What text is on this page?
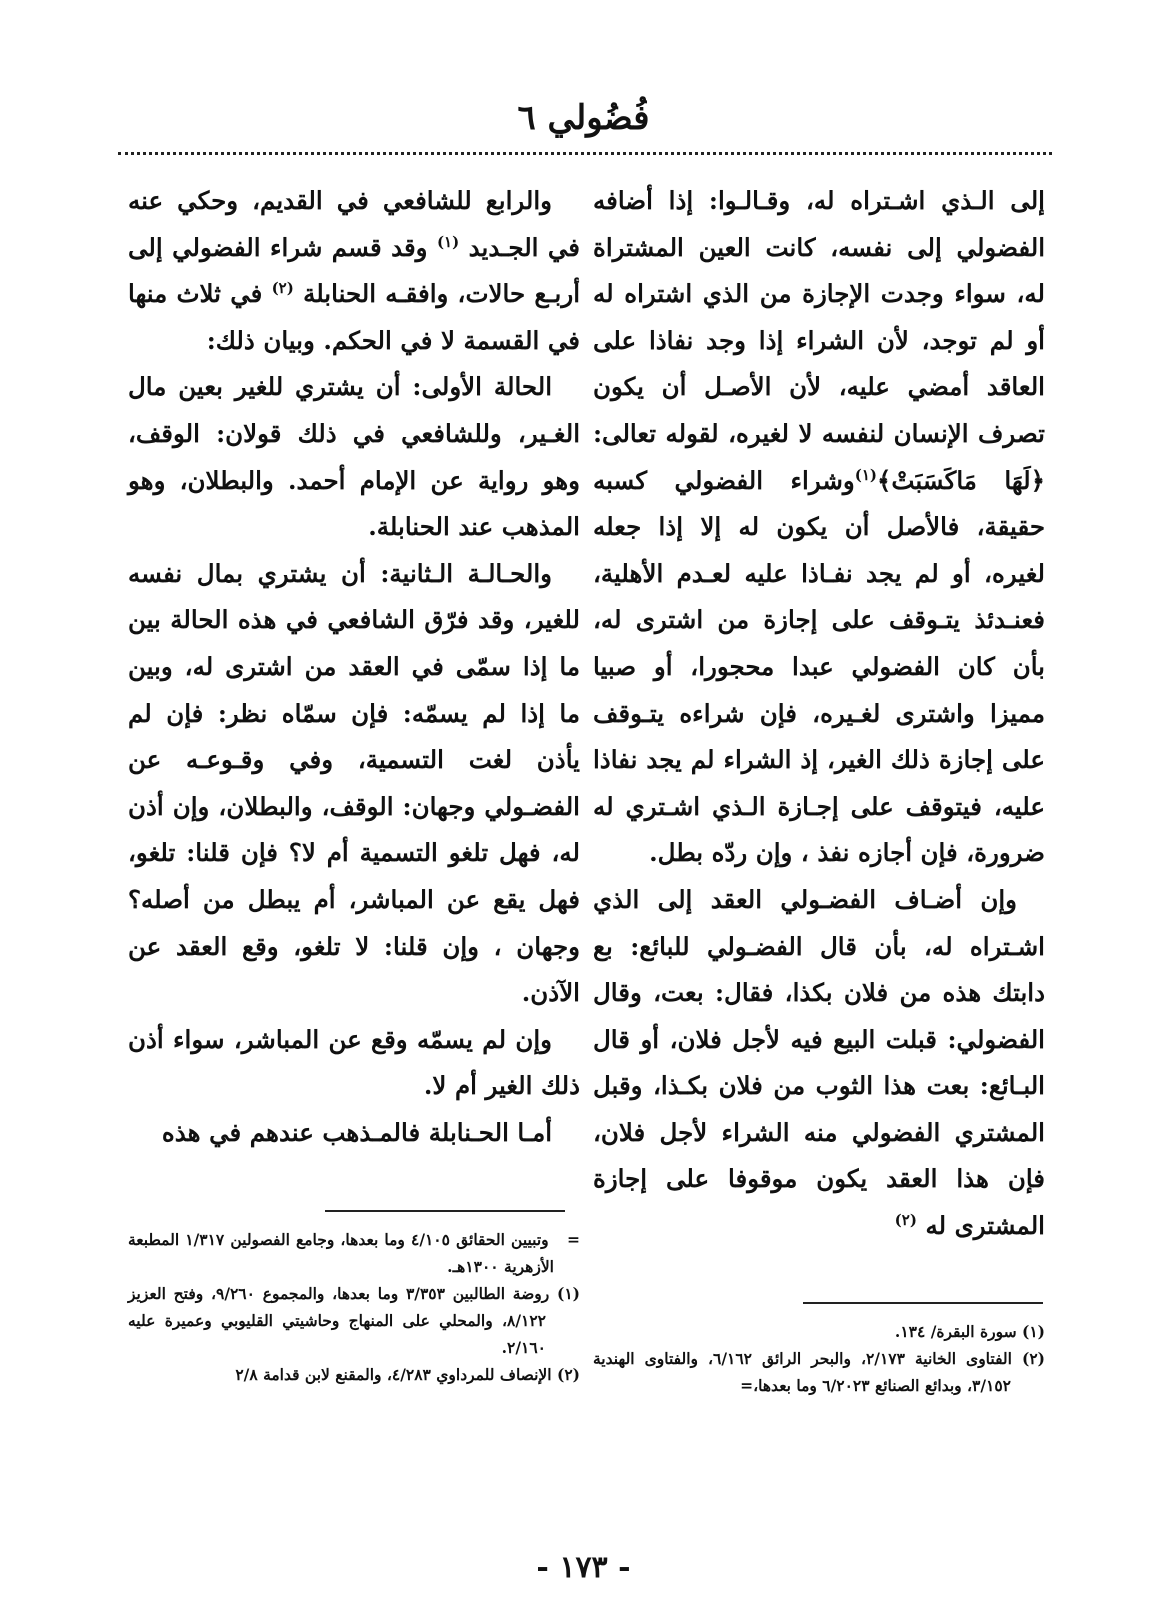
فُضُولي ٦

إلى الـذي اشـتراه له، وقـالـوا: إذا أضافه الفضولي إلى نفسه، كانت العين المشتراة له، سواء وجدت الإجازة من الذي اشتراه له أو لم توجد، لأن الشراء إذا وجد نفاذا على العاقد أمضي عليه، لأن الأصـل أن يكون تصرف الإنسان لنفسه لا لغيره، لقوله تعالى: ﴿لَهَا مَاكَسَبَتْ﴾$^{(١)}$وشراء الفضولي كسبه حقيقة، فالأصل أن يكون له إلا إذا جعله لغيره، أو لم يجد نفـاذا عليه لعـدم الأهلية، فعنـدئذ يتـوقف على إجازة من اشترى له، بأن كان الفضولي عبدا محجورا، أو صبيا مميزا واشترى لغـيره، فإن شراءه يتـوقف على إجازة ذلك الغير، إذ الشراء لم يجد نفاذا عليه، فيتوقف على إجـازة الـذي اشـتري له ضرورة، فإن أجازه نفذ ، وإن ردّه بطل.

وإن أضـاف الفضـولي العقد إلى الذي اشـتراه له، بأن قال الفضـولي للبائع: بع دابتك هذه من فلان بكذا، فقال: بعت، وقال الفضولي: قبلت البيع فيه لأجل فلان، أو قال البـائع: بعت هذا الثوب من فلان بكـذا، وقبل المشتري الفضولي منه الشراء لأجل فلان، فإن هذا العقد يكون موقوفا على إجازة المشترى له $^{(٢)}$

والرابع للشافعي في القديم، وحكي عنه في الجـديد $^{(١)}$ وقد قسم شراء الفضولي إلى أربـع حالات، وافقـه الحنابلة $^{(٢)}$ في ثلاث منها في القسمة لا في الحكم. وبيان ذلك:

الحالة الأولى: أن يشتري للغير بعين مال الغـير، وللشافعي في ذلك قولان: الوقف، وهو رواية عن الإمام أحمد. والبطلان، وهو المذهب عند الحنابلة.

والحـالـة الـثانية: أن يشتري بمال نفسه للغير، وقد فرّق الشافعي في هذه الحالة بين ما إذا سمّى في العقد من اشترى له، وبين ما إذا لم يسمّه: فإن سمّاه نظر: فإن لم يأذن لغت التسمية، وفي وقـوعـه عن الفضـولي وجهان: الوقف، والبطلان، وإن أذن له، فهل تلغو التسمية أم لا؟ فإن قلنا: تلغو، فهل يقع عن المباشر، أم يبطل من أصله؟ وجهان ، وإن قلنا: لا تلغو، وقع العقد عن الآذن.

وإن لم يسمّه وقع عن المباشر، سواء أذن ذلك الغير أم لا.

أمـا الحـنابلة فالمـذهب عندهم في هذه

=   وتبيين الحقائق ٤/١٠٥ وما بعدها، وجامع الفصولين ١/٣١٧ المطبعة الأزهرية ١٣٠٠هـ.

(١) روضة الطالبين ٣/٣٥٣ وما بعدها، والمجموع ٩/٢٦٠، وفتح العزيز ٨/١٢٢، والمحلي على المنهاج وحاشيتي القليوبي وعميرة عليه ٢/١٦٠.

(٢) الإنصاف للمرداوي ٤/٢٨٣، والمقنع لابن قدامة ٢/٨

(١) سورة البقرة/ ١٣٤.

(٢) الفتاوى الخانية ٢/١٧٣، والبحر الرائق ٦/١٦٢، والفتاوى الهندية ٣/١٥٢، وبدائع الصنائع ٦/٢٠٢٣ وما بعدها،=

- ١٧٣ -
